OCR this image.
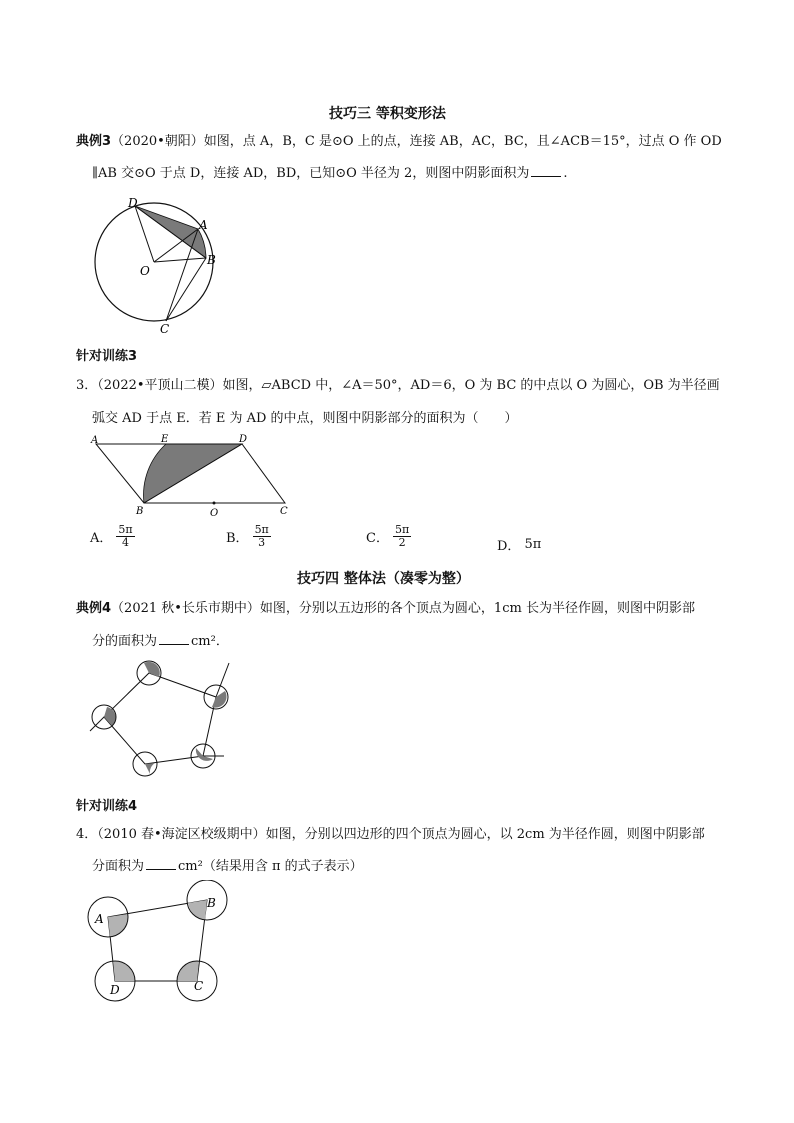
技巧三 等积变形法
典例3（2020•朝阳）如图，点 A，B，C 是⊙O 上的点，连接 AB，AC，BC，且∠ACB＝15°，过点 O 作 OD
∥AB 交⊙O 于点 D，连接 AD，BD，已知⊙O 半径为 2，则图中阴影面积为	.
D
A
O
B
C
针对训练3
3．（2022•平顶山二模）如图，▱ABCD 中，∠A＝50°，AD＝6，O 为 BC 的中点以 O 为圆心，OB 为半径画
弧交 AD 于点 E．若 E 为 AD 的中点，则图中阴影部分的面积为（　　）
A	E	D
B	O	C
A． $\frac{5\pi}{4}$	B． $\frac{5\pi}{3}$	C． $\frac{5\pi}{2}$	D． 5π
技巧四 整体法（凑零为整）
典例4（2021 秋•长乐市期中）如图，分别以五边形的各个顶点为圆心，1cm 长为半径作圆，则图中阴影部
分的面积为	cm²．
针对训练4
4．（2010 春•海淀区校级期中）如图，分别以四边形的四个顶点为圆心，以 2cm 为半径作圆，则图中阴影部
分面积为	cm²（结果用含 π 的式子表示）
A
B
C
D
